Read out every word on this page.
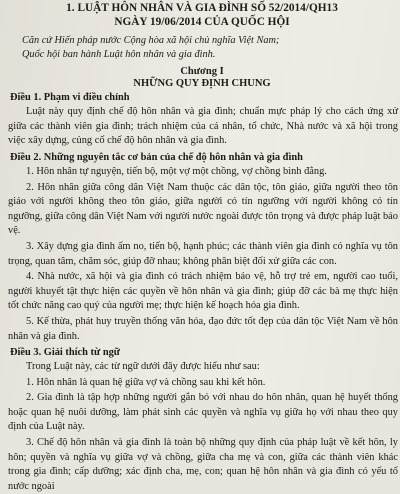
1. LUẬT HÔN NHÂN VÀ GIA ĐÌNH SỐ 52/2014/QH13
NGÀY 19/06/2014 CỦA QUỐC HỘI
Căn cứ Hiến pháp nước Cộng hòa xã hội chủ nghĩa Việt Nam;
Quốc hội ban hành Luật hôn nhân và gia đình.
Chương I
NHỮNG QUY ĐỊNH CHUNG
Điều 1. Phạm vi điều chỉnh
Luật này quy định chế độ hôn nhân và gia đình; chuẩn mực pháp lý cho cách ứng xử giữa các thành viên gia đình; trách nhiệm của cá nhân, tổ chức, Nhà nước và xã hội trong việc xây dựng, củng cố chế độ hôn nhân và gia đình.
Điều 2. Những nguyên tắc cơ bản của chế độ hôn nhân và gia đình
1. Hôn nhân tự nguyện, tiến bộ, một vợ một chồng, vợ chồng bình đẳng.
2. Hôn nhân giữa công dân Việt Nam thuộc các dân tộc, tôn giáo, giữa người theo tôn giáo với người không theo tôn giáo, giữa người có tín ngưỡng với người không có tín ngưỡng, giữa công dân Việt Nam với người nước ngoài được tôn trọng và được pháp luật bảo vệ.
3. Xây dựng gia đình ấm no, tiến bộ, hạnh phúc; các thành viên gia đình có nghĩa vụ tôn trọng, quan tâm, chăm sóc, giúp đỡ nhau; không phân biệt đối xử giữa các con.
4. Nhà nước, xã hội và gia đình có trách nhiệm bảo vệ, hỗ trợ trẻ em, người cao tuổi, người khuyết tật thực hiện các quyền về hôn nhân và gia đình; giúp đỡ các bà mẹ thực hiện tốt chức năng cao quý của người mẹ; thực hiện kế hoạch hóa gia đình.
5. Kế thừa, phát huy truyền thống văn hóa, đạo đức tốt đẹp của dân tộc Việt Nam về hôn nhân và gia đình.
Điều 3. Giải thích từ ngữ
Trong Luật này, các từ ngữ dưới đây được hiểu như sau:
1. Hôn nhân là quan hệ giữa vợ và chồng sau khi kết hôn.
2. Gia đình là tập hợp những người gắn bó với nhau do hôn nhân, quan hệ huyết thống hoặc quan hệ nuôi dưỡng, làm phát sinh các quyền và nghĩa vụ giữa họ với nhau theo quy định của Luật này.
3. Chế độ hôn nhân và gia đình là toàn bộ những quy định của pháp luật về kết hôn, ly hôn; quyền và nghĩa vụ giữa vợ và chồng, giữa cha mẹ và con, giữa các thành viên khác trong gia đình; cấp dưỡng; xác định cha, mẹ, con; quan hệ hôn nhân và gia đình có yếu tố nước ngoài
